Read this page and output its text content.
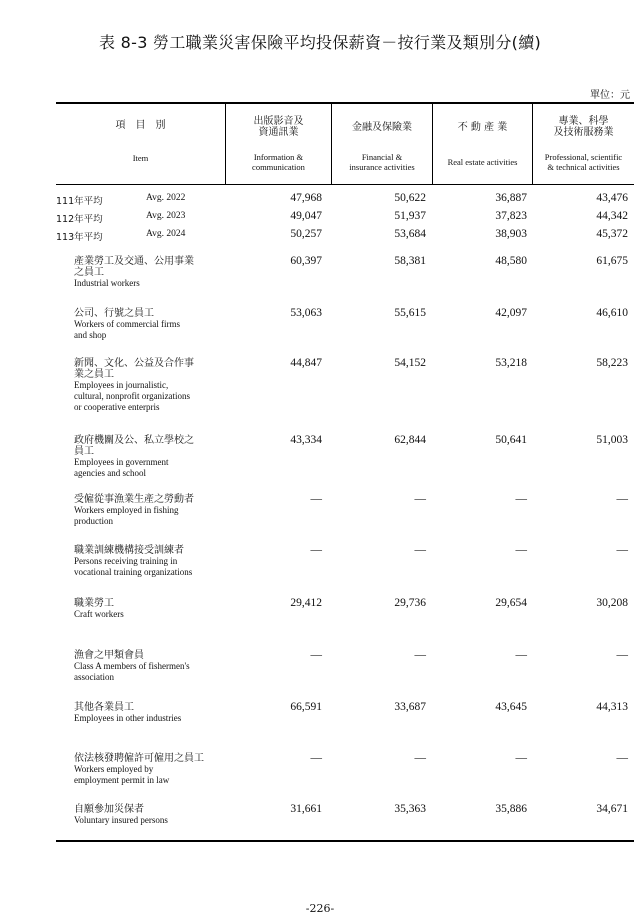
表 8-3 勞工職業災害保險平均投保薪資－按行業及類別分(續)
單位：元
項　目　別
Item
出版影音及
資通訊業
Information &
communication
金融及保險業
Financial &
insurance activities
不 動 產 業
Real estate activities
專業、科學
及技術服務業
Professional, scientific
& technical activities
111年平均	Avg. 2022	47,968	50,622	36,887	43,476
112年平均	Avg. 2023	49,047	51,937	37,823	44,342
113年平均	Avg. 2024	50,257	53,684	38,903	45,372
產業勞工及交通、公用事業
之員工
Industrial workers
60,397	58,381	48,580	61,675
公司、行號之員工
Workers of commercial firms
and shop
53,063	55,615	42,097	46,610
新聞、文化、公益及合作事
業之員工
Employees in journalistic,
cultural, nonprofit organizations
or cooperative enterpris
44,847	54,152	53,218	58,223
政府機關及公、私立學校之
員工
Employees in government
agencies and school
43,334	62,844	50,641	51,003
受僱從事漁業生產之勞動者
Workers employed in fishing
production
—	—	—	—
職業訓練機構接受訓練者
Persons receiving training in
vocational training organizations
—	—	—	—
職業勞工
Craft workers
29,412	29,736	29,654	30,208
漁會之甲類會員
Class A members of fishermen's
association
—	—	—	—
其他各業員工
Employees in other industries
66,591	33,687	43,645	44,313
依法核發聘僱許可僱用之員工
Workers employed by
employment permit in law
—	—	—	—
自願參加災保者
Voluntary insured persons
31,661	35,363	35,886	34,671
-226-
